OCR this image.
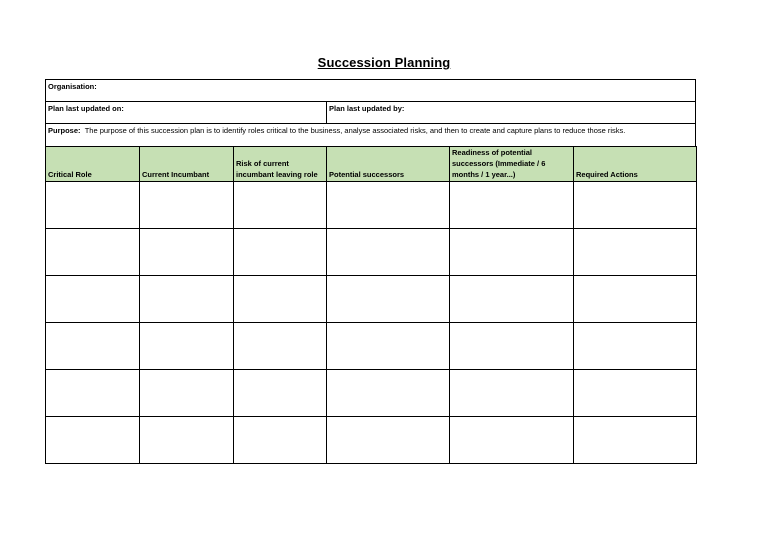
Succession Planning
Organisation:
Plan last updated on:	Plan last updated by:
Purpose: The purpose of this succession plan is to identify roles critical to the business, analyse associated risks, and then to create and capture plans to reduce those risks.
Critical Role	Current Incumbant	Risk of current incumbant leaving role	Potential successors	Readiness of potential successors (Immediate / 6 months / 1 year...)	Required Actions
